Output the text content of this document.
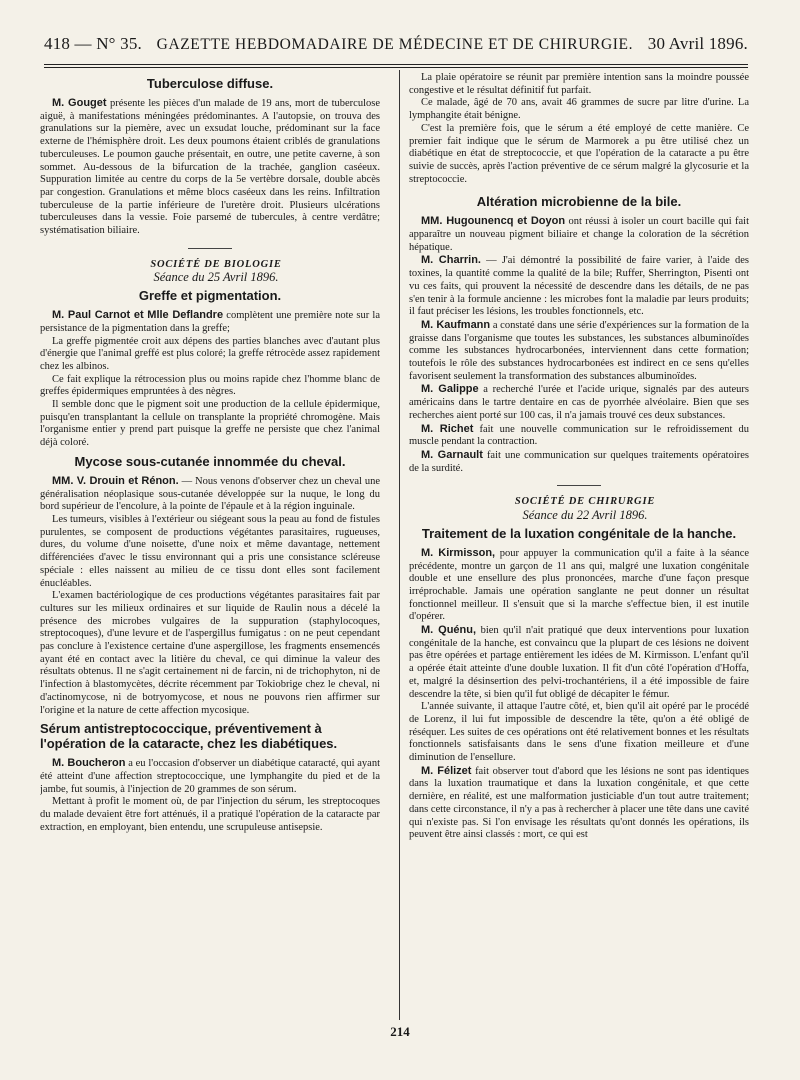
418 — N° 35. GAZETTE HEBDOMADAIRE DE MÉDECINE ET DE CHIRURGIE. 30 Avril 1896.
Tuberculose diffuse.

M. Gouget présente les pièces d'un malade de 19 ans, mort de tuberculose aiguë, à manifestations méningées prédominantes. A l'autopsie, on trouva des granulations sur la piemère, avec un exsudat louche, prédominant sur la face externe de l'hémisphère droit. Les deux poumons étaient criblés de granulations tuberculeuses. Le poumon gauche présentait, en outre, une petite caverne, à son sommet. Au-dessous de la bifurcation de la trachée, ganglion caséeux. Suppuration limitée au centre du corps de la 5e vertèbre dorsale, double abcès par congestion. Granulations et même blocs caséeux dans les reins. Infiltration tuberculeuse de la partie inférieure de l'uretère droit. Plusieurs ulcérations tuberculeuses dans la vessie. Foie parsemé de tubercules, à centre verdâtre; systématisation biliaire.

SOCIÉTÉ DE BIOLOGIE

Séance du 25 Avril 1896.

Greffe et pigmentation.

M. Paul Carnot et Mlle Deflandre complètent une première note sur la persistance de la pigmentation dans la greffe;

La greffe pigmentée croit aux dépens des parties blanches avec d'autant plus d'énergie que l'animal greffé est plus coloré; la greffe rétrocède assez rapidement chez les albinos.

Ce fait explique la rétrocession plus ou moins rapide chez l'homme blanc de greffes épidermiques empruntées à des nègres.

Il semble donc que le pigment soit une production de la cellule épidermique, puisqu'en transplantant la cellule on transplante la propriété chromogène. Mais l'organisme entier y prend part puisque la greffe ne persiste que chez l'animal déjà coloré.

Mycose sous-cutanée innommée du cheval.

MM. V. Drouin et Rénon. — Nous venons d'observer chez un cheval une généralisation néoplasique sous-cutanée développée sur la nuque, le long du bord supérieur de l'encolure, à la pointe de l'épaule et à la région inguinale.

Les tumeurs, visibles à l'extérieur ou siégeant sous la peau au fond de fistules purulentes, se composent de productions végétantes parasitaires, rugueuses, dures, du volume d'une noisette, d'une noix et même davantage, nettement différenciées d'avec le tissu environnant qui a pris une consistance scléreuse spéciale : elles naissent au milieu de ce tissu dont elles sont facilement énucléables.

L'examen bactériologique de ces productions végétantes parasitaires fait par cultures sur les milieux ordinaires et sur liquide de Raulin nous a décelé la présence des microbes vulgaires de la suppuration (staphylocoques, streptocoques), d'une levure et de l'aspergillus fumigatus : on ne peut cependant pas conclure à l'existence certaine d'une aspergillose, les fragments ensemencés ayant été en contact avec la litière du cheval, ce qui diminue la valeur des résultats obtenus. Il ne s'agit certainement ni de farcin, ni de trichophyton, ni de l'infection à blastomycètes, décrite récemment par Tokiobrige chez le cheval, ni d'actinomycose, ni de botryomycose, et nous ne pouvons rien affirmer sur l'origine et la nature de cette affection mycosique.

Sérum antistreptococcique, préventivement à l'opération de la cataracte, chez les diabétiques.

M. Boucheron a eu l'occasion d'observer un diabétique cataracté, qui ayant été atteint d'une affection streptococcique, une lymphangite du pied et de la jambe, fut soumis, à l'injection de 20 grammes de son sérum.

Mettant à profit le moment où, de par l'injection du sérum, les streptocoques du malade devaient être fort atténués, il a pratiqué l'opération de la cataracte par extraction, en employant, bien entendu, une scrupuleuse antisepsie.

La plaie opératoire se réunit par première intention sans la moindre poussée congestive et le résultat définitif fut parfait.

Ce malade, âgé de 70 ans, avait 46 grammes de sucre par litre d'urine. La lymphangite était bénigne.

C'est la première fois, que le sérum a été employé de cette manière. Ce premier fait indique que le sérum de Marmorek a pu être utilisé chez un diabétique en état de streptococcie, et que l'opération de la cataracte a pu être suivie de succès, après l'action préventive de ce sérum malgré la glycosurie et la streptococcie.

Altération microbienne de la bile.

MM. Hugounencq et Doyon ont réussi à isoler un court bacille qui fait apparaître un nouveau pigment biliaire et change la coloration de la sécrétion hépatique.

M. Charrin. — J'ai démontré la possibilité de faire varier, à l'aide des toxines, la quantité comme la qualité de la bile; Ruffer, Sherrington, Pisenti ont vu ces faits, qui prouvent la nécessité de descendre dans les détails, de ne pas s'en tenir à la formule ancienne : les microbes font la maladie par leurs produits; il faut préciser les lésions, les troubles fonctionnels, etc.

M. Kaufmann a constaté dans une série d'expériences sur la formation de la graisse dans l'organisme que toutes les substances, les substances albuminoïdes comme les substances hydrocarbonées, interviennent dans cette formation; toutefois le rôle des substances hydrocarbonées est indirect en ce sens qu'elles favorisent seulement la transformation des substances albuminoïdes.

M. Galippe a recherché l'urée et l'acide urique, signalés par des auteurs américains dans le tartre dentaire en cas de pyorrhée alvéolaire. Bien que ses recherches aient porté sur 100 cas, il n'a jamais trouvé ces deux substances.

M. Richet fait une nouvelle communication sur le refroidissement du muscle pendant la contraction.

M. Garnault fait une communication sur quelques traitements opératoires de la surdité.

SOCIÉTÉ DE CHIRURGIE

Séance du 22 Avril 1896.

Traitement de la luxation congénitale de la hanche.

M. Kirmisson, pour appuyer la communication qu'il a faite à la séance précédente, montre un garçon de 11 ans qui, malgré une luxation congénitale double et une ensellure des plus prononcées, marche d'une façon presque irréprochable. Jamais une opération sanglante ne peut donner un résultat fonctionnel meilleur. Il s'ensuit que si la marche s'effectue bien, il est inutile d'opérer.

M. Quénu, bien qu'il n'ait pratiqué que deux interventions pour luxation congénitale de la hanche, est convaincu que la plupart de ces lésions ne doivent pas être opérées et partage entièrement les idées de M. Kirmisson. L'enfant qu'il a opérée était atteinte d'une double luxation. Il fit d'un côté l'opération d'Hoffa, et, malgré la désinsertion des pelvi-trochantériens, il a été impossible de faire descendre la tête, si bien qu'il fut obligé de décapiter le fémur.

L'année suivante, il attaque l'autre côté, et, bien qu'il ait opéré par le procédé de Lorenz, il lui fut impossible de descendre la tête, qu'on a été obligé de réséquer. Les suites de ces opérations ont été relativement bonnes et les résultats fonctionnels satisfaisants dans le sens d'une fixation meilleure et d'une diminution de l'ensellure.

M. Félizet fait observer tout d'abord que les lésions ne sont pas identiques dans la luxation traumatique et dans la luxation congénitale, et que cette dernière, en réalité, est une malformation justiciable d'un tout autre traitement; dans cette circonstance, il n'y a pas à rechercher à placer une tête dans une cavité qui n'existe pas. Si l'on envisage les résultats qu'ont donnés les opérations, ils peuvent être ainsi classés : mort, ce qui est

214
